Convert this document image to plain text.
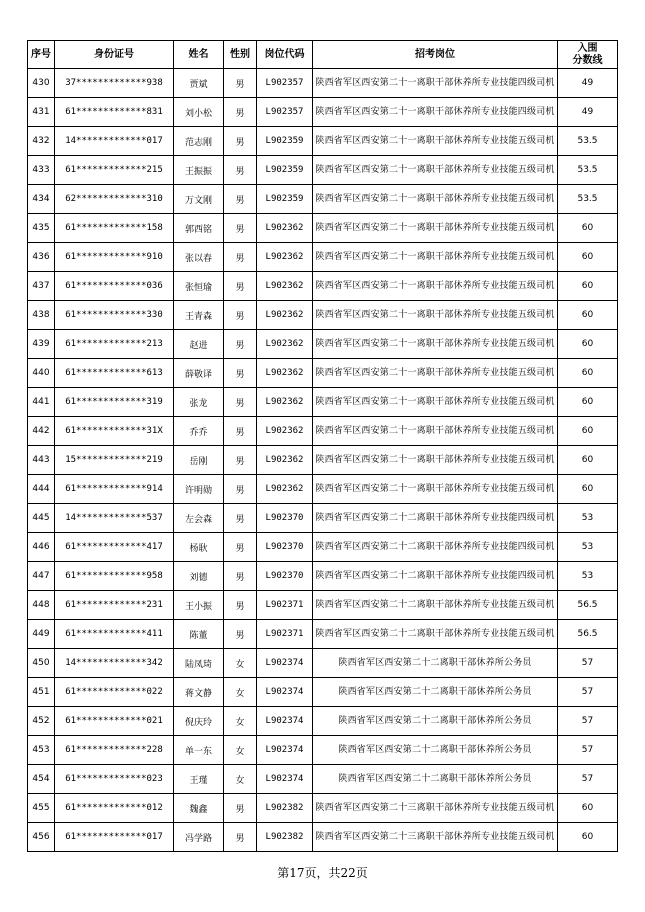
序号	身份证号	姓名	性别	岗位代码	招考岗位	入围
分数线

430	37*************938	贾斌	男	L902357	陕西省军区西安第二十一离职干部休养所专业技能四级司机	49
431	61*************831	刘小松	男	L902357	陕西省军区西安第二十一离职干部休养所专业技能四级司机	49
432	14*************017	范志刚	男	L902359	陕西省军区西安第二十一离职干部休养所专业技能五级司机	53.5
433	61*************215	王振振	男	L902359	陕西省军区西安第二十一离职干部休养所专业技能五级司机	53.5
434	62*************310	万文刚	男	L902359	陕西省军区西安第二十一离职干部休养所专业技能五级司机	53.5
435	61*************158	郭西铭	男	L902362	陕西省军区西安第二十一离职干部休养所专业技能五级司机	60
436	61*************910	张以春	男	L902362	陕西省军区西安第二十一离职干部休养所专业技能五级司机	60
437	61*************036	张恒瑜	男	L902362	陕西省军区西安第二十一离职干部休养所专业技能五级司机	60
438	61*************330	王青森	男	L902362	陕西省军区西安第二十一离职干部休养所专业技能五级司机	60
439	61*************213	赵进	男	L902362	陕西省军区西安第二十一离职干部休养所专业技能五级司机	60
440	61*************613	薛敬译	男	L902362	陕西省军区西安第二十一离职干部休养所专业技能五级司机	60
441	61*************319	张龙	男	L902362	陕西省军区西安第二十一离职干部休养所专业技能五级司机	60
442	61*************31X	乔乔	男	L902362	陕西省军区西安第二十一离职干部休养所专业技能五级司机	60
443	15*************219	岳刚	男	L902362	陕西省军区西安第二十一离职干部休养所专业技能五级司机	60
444	61*************914	许明勋	男	L902362	陕西省军区西安第二十一离职干部休养所专业技能五级司机	60
445	14*************537	左会森	男	L902370	陕西省军区西安第二十二离职干部休养所专业技能四级司机	53
446	61*************417	杨耿	男	L902370	陕西省军区西安第二十二离职干部休养所专业技能四级司机	53
447	61*************958	刘德	男	L902370	陕西省军区西安第二十二离职干部休养所专业技能四级司机	53
448	61*************231	王小振	男	L902371	陕西省军区西安第二十二离职干部休养所专业技能五级司机	56.5
449	61*************411	陈董	男	L902371	陕西省军区西安第二十二离职干部休养所专业技能五级司机	56.5
450	14*************342	陆凤琦	女	L902374	陕西省军区西安第二十二离职干部休养所公务员	57
451	61*************022	蒋文静	女	L902374	陕西省军区西安第二十二离职干部休养所公务员	57
452	61*************021	倪庆玲	女	L902374	陕西省军区西安第二十二离职干部休养所公务员	57
453	61*************228	单一东	女	L902374	陕西省军区西安第二十二离职干部休养所公务员	57
454	61*************023	王瑾	女	L902374	陕西省军区西安第二十二离职干部休养所公务员	57
455	61*************012	魏鑫	男	L902382	陕西省军区西安第二十三离职干部休养所专业技能五级司机	60
456	61*************017	冯学路	男	L902382	陕西省军区西安第二十三离职干部休养所专业技能五级司机	60
第17页，共22页
